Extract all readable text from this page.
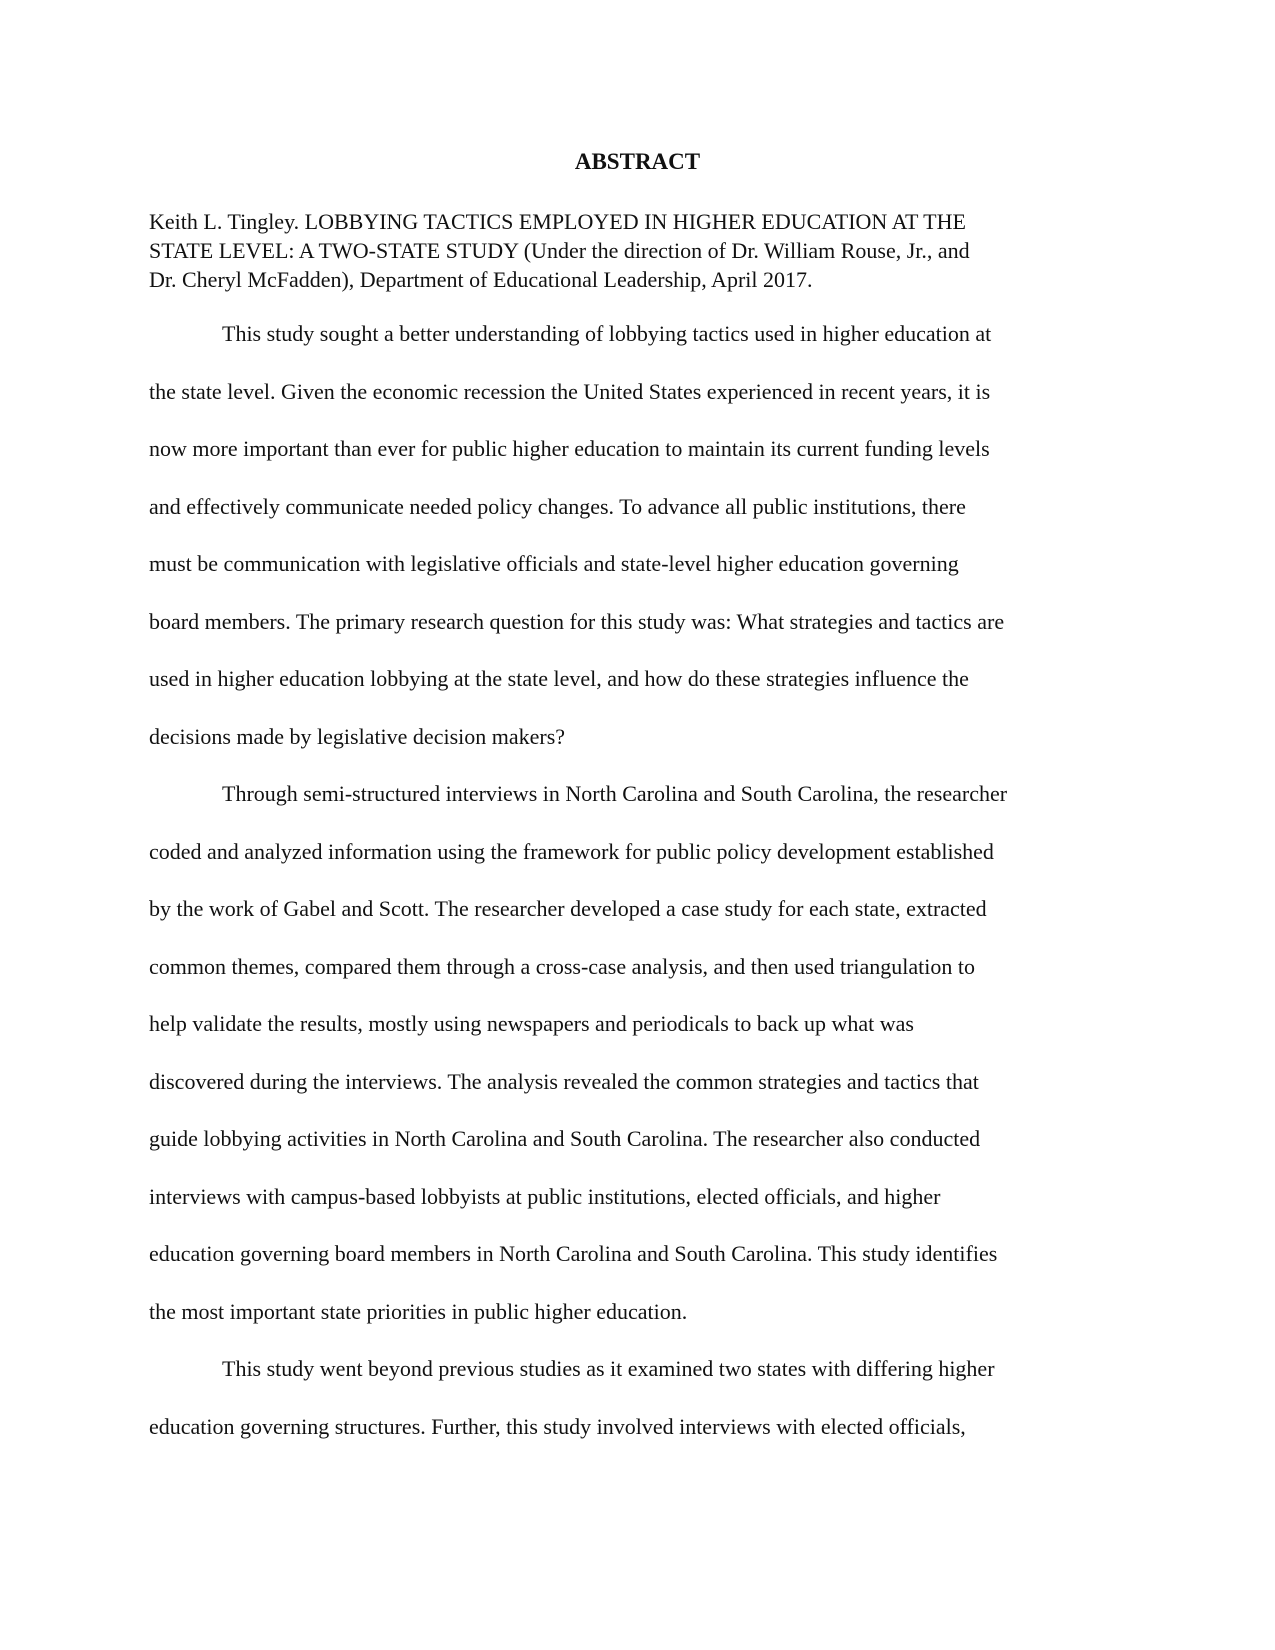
ABSTRACT
Keith L. Tingley. LOBBYING TACTICS EMPLOYED IN HIGHER EDUCATION AT THE
STATE LEVEL: A TWO-STATE STUDY (Under the direction of Dr. William Rouse, Jr., and
Dr. Cheryl McFadden), Department of Educational Leadership, April 2017.
This study sought a better understanding of lobbying tactics used in higher education at
the state level. Given the economic recession the United States experienced in recent years, it is
now more important than ever for public higher education to maintain its current funding levels
and effectively communicate needed policy changes. To advance all public institutions, there
must be communication with legislative officials and state-level higher education governing
board members. The primary research question for this study was: What strategies and tactics are
used in higher education lobbying at the state level, and how do these strategies influence the
decisions made by legislative decision makers?
Through semi-structured interviews in North Carolina and South Carolina, the researcher
coded and analyzed information using the framework for public policy development established
by the work of Gabel and Scott. The researcher developed a case study for each state, extracted
common themes, compared them through a cross-case analysis, and then used triangulation to
help validate the results, mostly using newspapers and periodicals to back up what was
discovered during the interviews. The analysis revealed the common strategies and tactics that
guide lobbying activities in North Carolina and South Carolina. The researcher also conducted
interviews with campus-based lobbyists at public institutions, elected officials, and higher
education governing board members in North Carolina and South Carolina. This study identifies
the most important state priorities in public higher education.
This study went beyond previous studies as it examined two states with differing higher
education governing structures. Further, this study involved interviews with elected officials,
